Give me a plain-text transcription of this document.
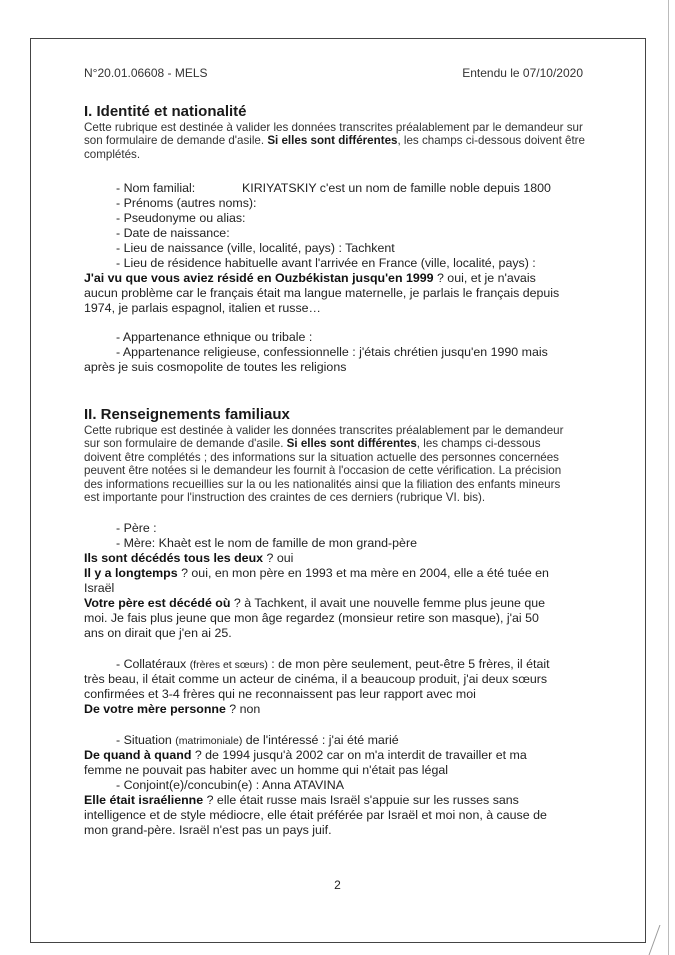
N°20.01.06608 - MELS	Entendu le 07/10/2020
I. Identité et nationalité
Cette rubrique est destinée à valider les données transcrites préalablement par le demandeur sur son formulaire de demande d'asile. Si elles sont différentes, les champs ci-dessous doivent être complétés.
- Nom familial:	KIRIYATSKIY c'est un nom de famille noble depuis 1800
- Prénoms (autres noms):
- Pseudonyme ou alias:
- Date de naissance:
- Lieu de naissance (ville, localité, pays) : Tachkent
- Lieu de résidence habituelle avant l'arrivée en France (ville, localité, pays) :
J'ai vu que vous aviez résidé en Ouzbékistan jusqu'en 1999 ? oui, et je n'avais
aucun problème car le français était ma langue maternelle, je parlais le français depuis
1974, je parlais espagnol, italien et russe…
- Appartenance ethnique ou tribale :
- Appartenance religieuse, confessionnelle : j'étais chrétien jusqu'en 1990 mais
après je suis cosmopolite de toutes les religions
II. Renseignements familiaux
Cette rubrique est destinée à valider les données transcrites préalablement par le demandeur
sur son formulaire de demande d'asile. Si elles sont différentes, les champs ci-dessous
doivent être complétés ; des informations sur la situation actuelle des personnes concernées
peuvent être notées si le demandeur les fournit à l'occasion de cette vérification. La précision
des informations recueillies sur la ou les nationalités ainsi que la filiation des enfants mineurs
est importante pour l'instruction des craintes de ces derniers (rubrique VI. bis).
- Père :
- Mère: Khaèt est le nom de famille de mon grand-père
Ils sont décédés tous les deux ? oui
Il y a longtemps ? oui, en mon père en 1993 et ma mère en 2004, elle a été tuée en
Israël
Votre père est décédé où ? à Tachkent, il avait une nouvelle femme plus jeune que
moi. Je fais plus jeune que mon âge regardez (monsieur retire son masque), j'ai 50
ans on dirait que j'en ai 25.
- Collatéraux (frères et sœurs) : de mon père seulement, peut-être 5 frères, il était
très beau, il était comme un acteur de cinéma, il a beaucoup produit, j'ai deux sœurs
confirmées et 3-4 frères qui ne reconnaissent pas leur rapport avec moi
De votre mère personne ? non
- Situation (matrimoniale) de l'intéressé : j'ai été marié
De quand à quand ? de 1994 jusqu'à 2002 car on m'a interdit de travailler et ma
femme ne pouvait pas habiter avec un homme qui n'était pas légal
- Conjoint(e)/concubin(e) : Anna ATAVINA
Elle était israélienne ? elle était russe mais Israël s'appuie sur les russes sans
intelligence et de style médiocre, elle était préférée par Israël et moi non, à cause de
mon grand-père. Israël n'est pas un pays juif.
2
